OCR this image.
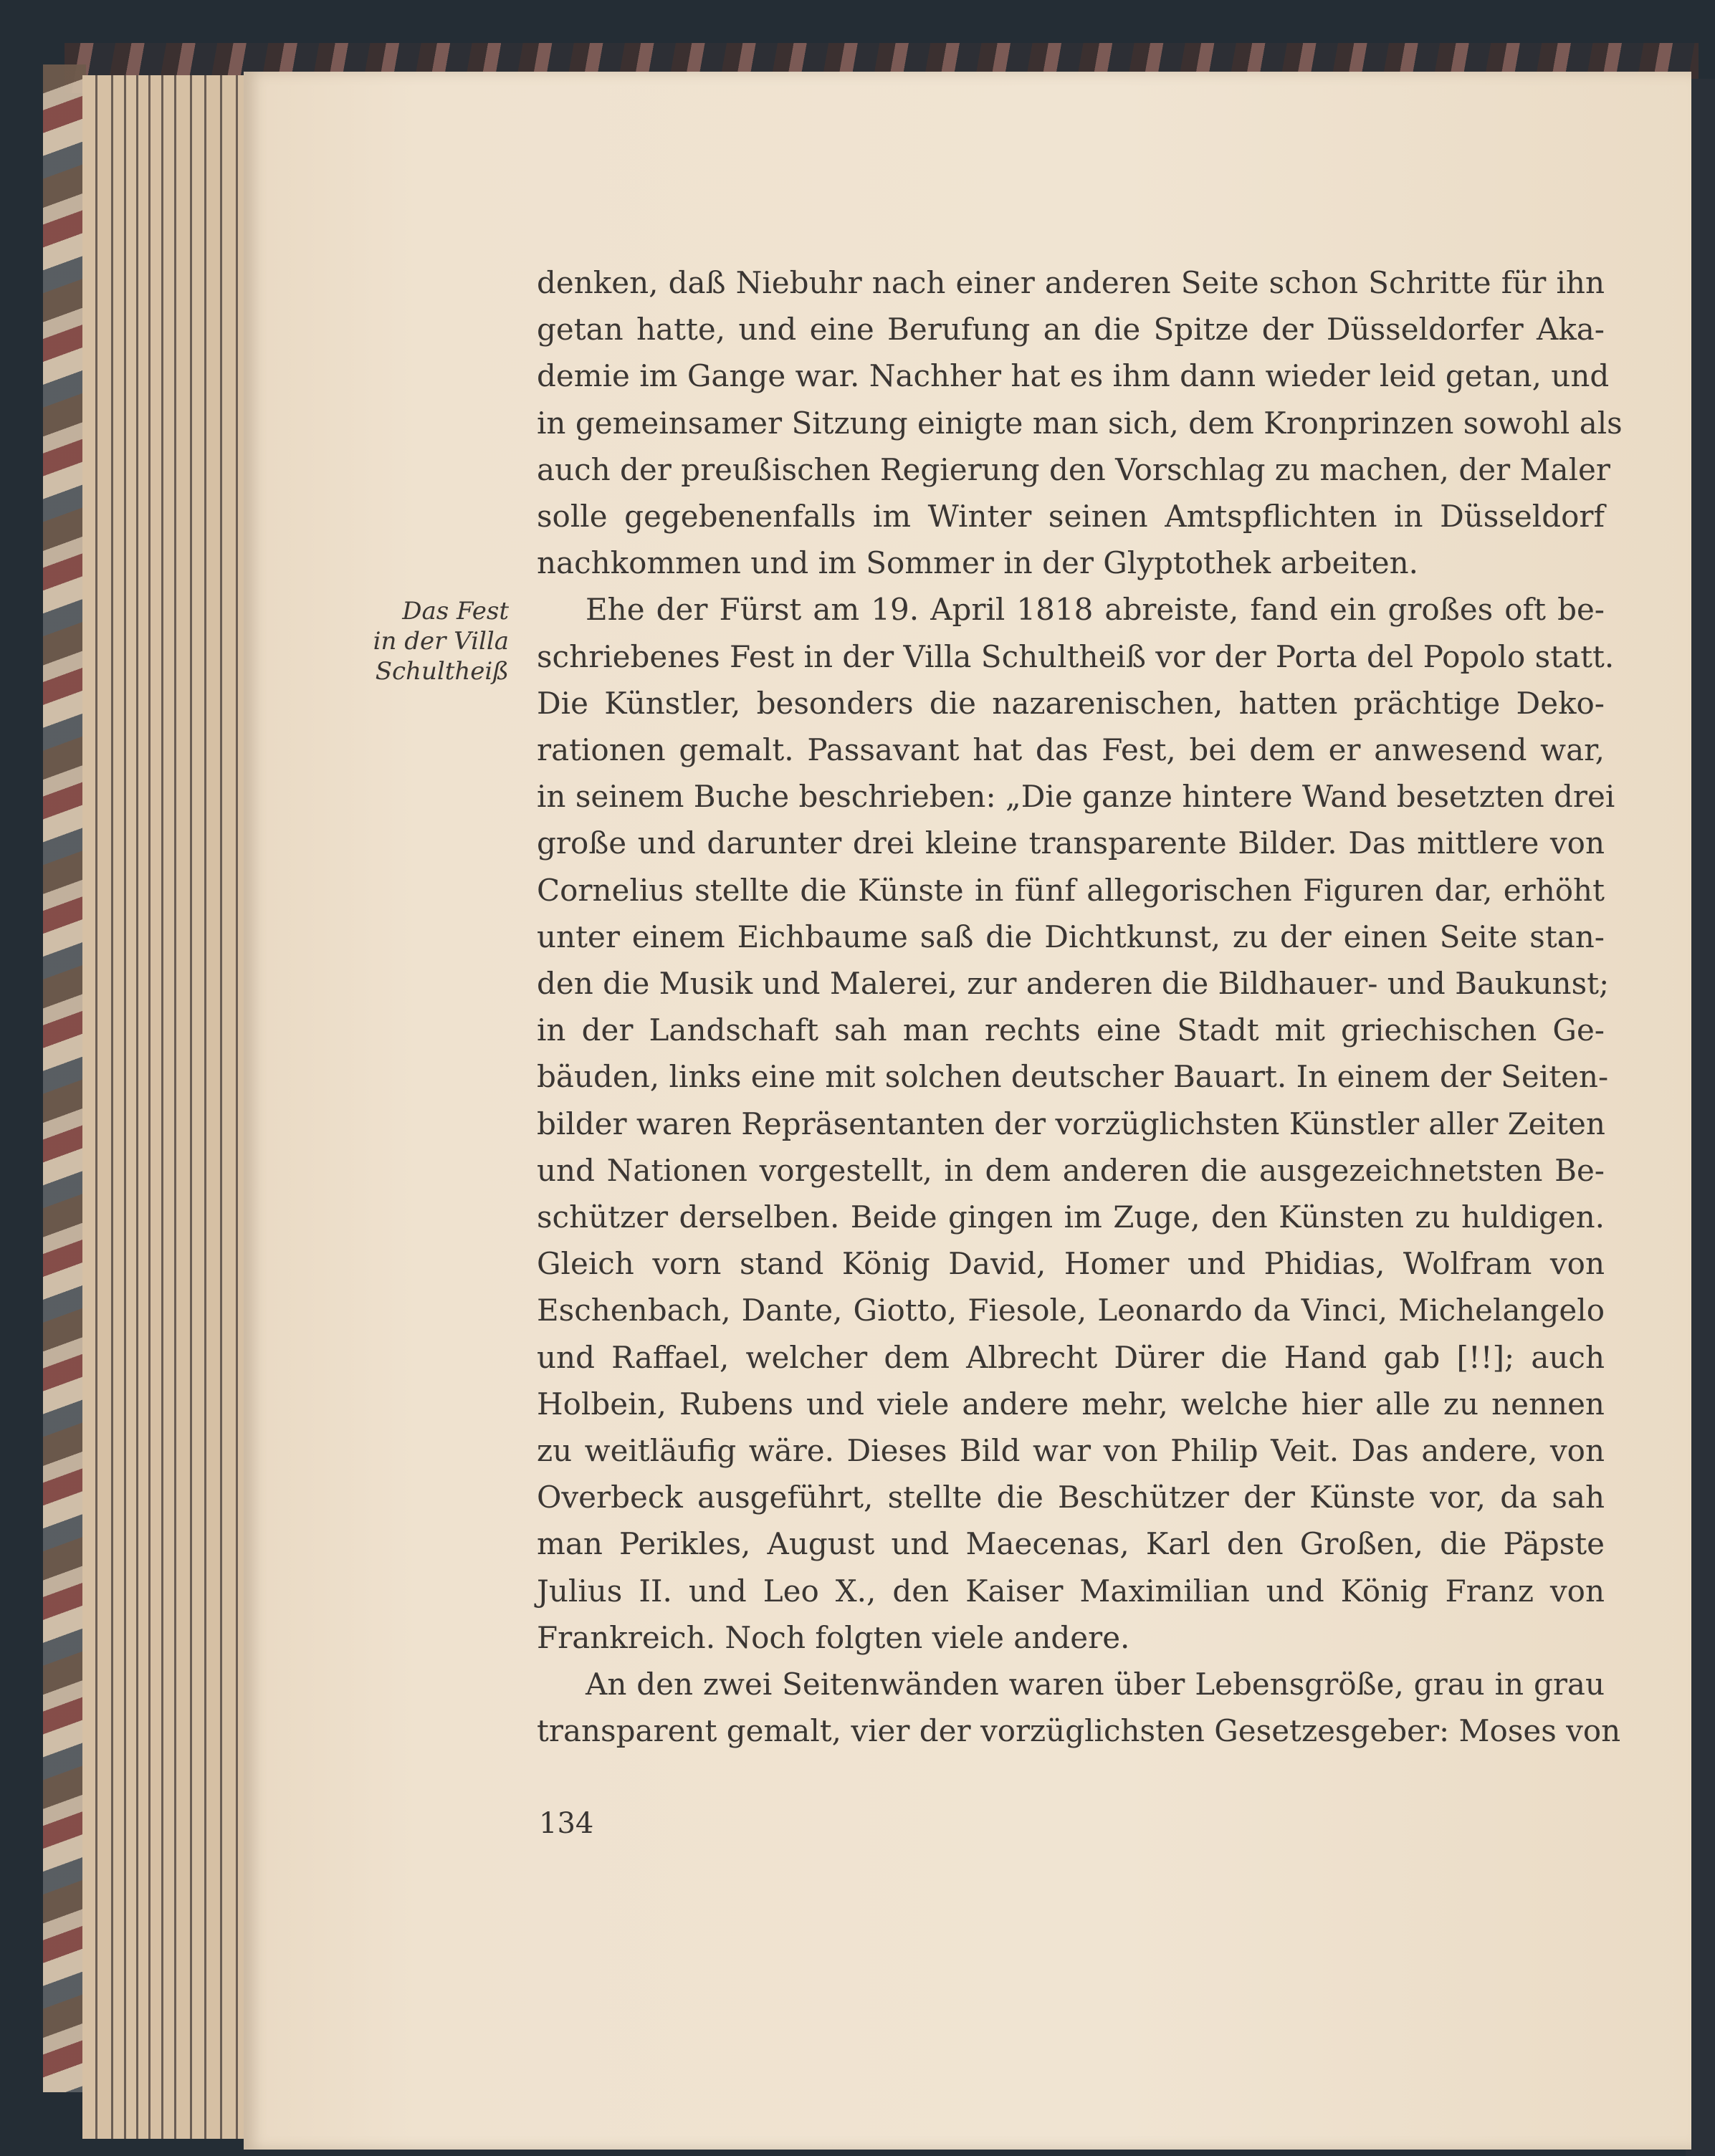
Das Fest
in der Villa
Schultheiß
denken, daß Niebuhr nach einer anderen Seite schon Schritte für ihn
getan hatte, und eine Berufung an die Spitze der Düsseldorfer Aka-
demie im Gange war. Nachher hat es ihm dann wieder leid getan, und
in gemeinsamer Sitzung einigte man sich, dem Kronprinzen sowohl als
auch der preußischen Regierung den Vorschlag zu machen, der Maler
solle gegebenenfalls im Winter seinen Amtspflichten in Düsseldorf
nachkommen und im Sommer in der Glyptothek arbeiten.
Ehe der Fürst am 19. April 1818 abreiste, fand ein großes oft be-
schriebenes Fest in der Villa Schultheiß vor der Porta del Popolo statt.
Die Künstler, besonders die nazarenischen, hatten prächtige Deko-
rationen gemalt. Passavant hat das Fest, bei dem er anwesend war,
in seinem Buche beschrieben: „Die ganze hintere Wand besetzten drei
große und darunter drei kleine transparente Bilder. Das mittlere von
Cornelius stellte die Künste in fünf allegorischen Figuren dar, erhöht
unter einem Eichbaume saß die Dichtkunst, zu der einen Seite stan-
den die Musik und Malerei, zur anderen die Bildhauer- und Baukunst;
in der Landschaft sah man rechts eine Stadt mit griechischen Ge-
bäuden, links eine mit solchen deutscher Bauart. In einem der Seiten-
bilder waren Repräsentanten der vorzüglichsten Künstler aller Zeiten
und Nationen vorgestellt, in dem anderen die ausgezeichnetsten Be-
schützer derselben. Beide gingen im Zuge, den Künsten zu huldigen.
Gleich vorn stand König David, Homer und Phidias, Wolfram von
Eschenbach, Dante, Giotto, Fiesole, Leonardo da Vinci, Michelangelo
und Raffael, welcher dem Albrecht Dürer die Hand gab [!!]; auch
Holbein, Rubens und viele andere mehr, welche hier alle zu nennen
zu weitläufig wäre. Dieses Bild war von Philip Veit. Das andere, von
Overbeck ausgeführt, stellte die Beschützer der Künste vor, da sah
man Perikles, August und Maecenas, Karl den Großen, die Päpste
Julius II. und Leo X., den Kaiser Maximilian und König Franz von
Frankreich. Noch folgten viele andere.
An den zwei Seitenwänden waren über Lebensgröße, grau in grau
transparent gemalt, vier der vorzüglichsten Gesetzesgeber: Moses von
134
